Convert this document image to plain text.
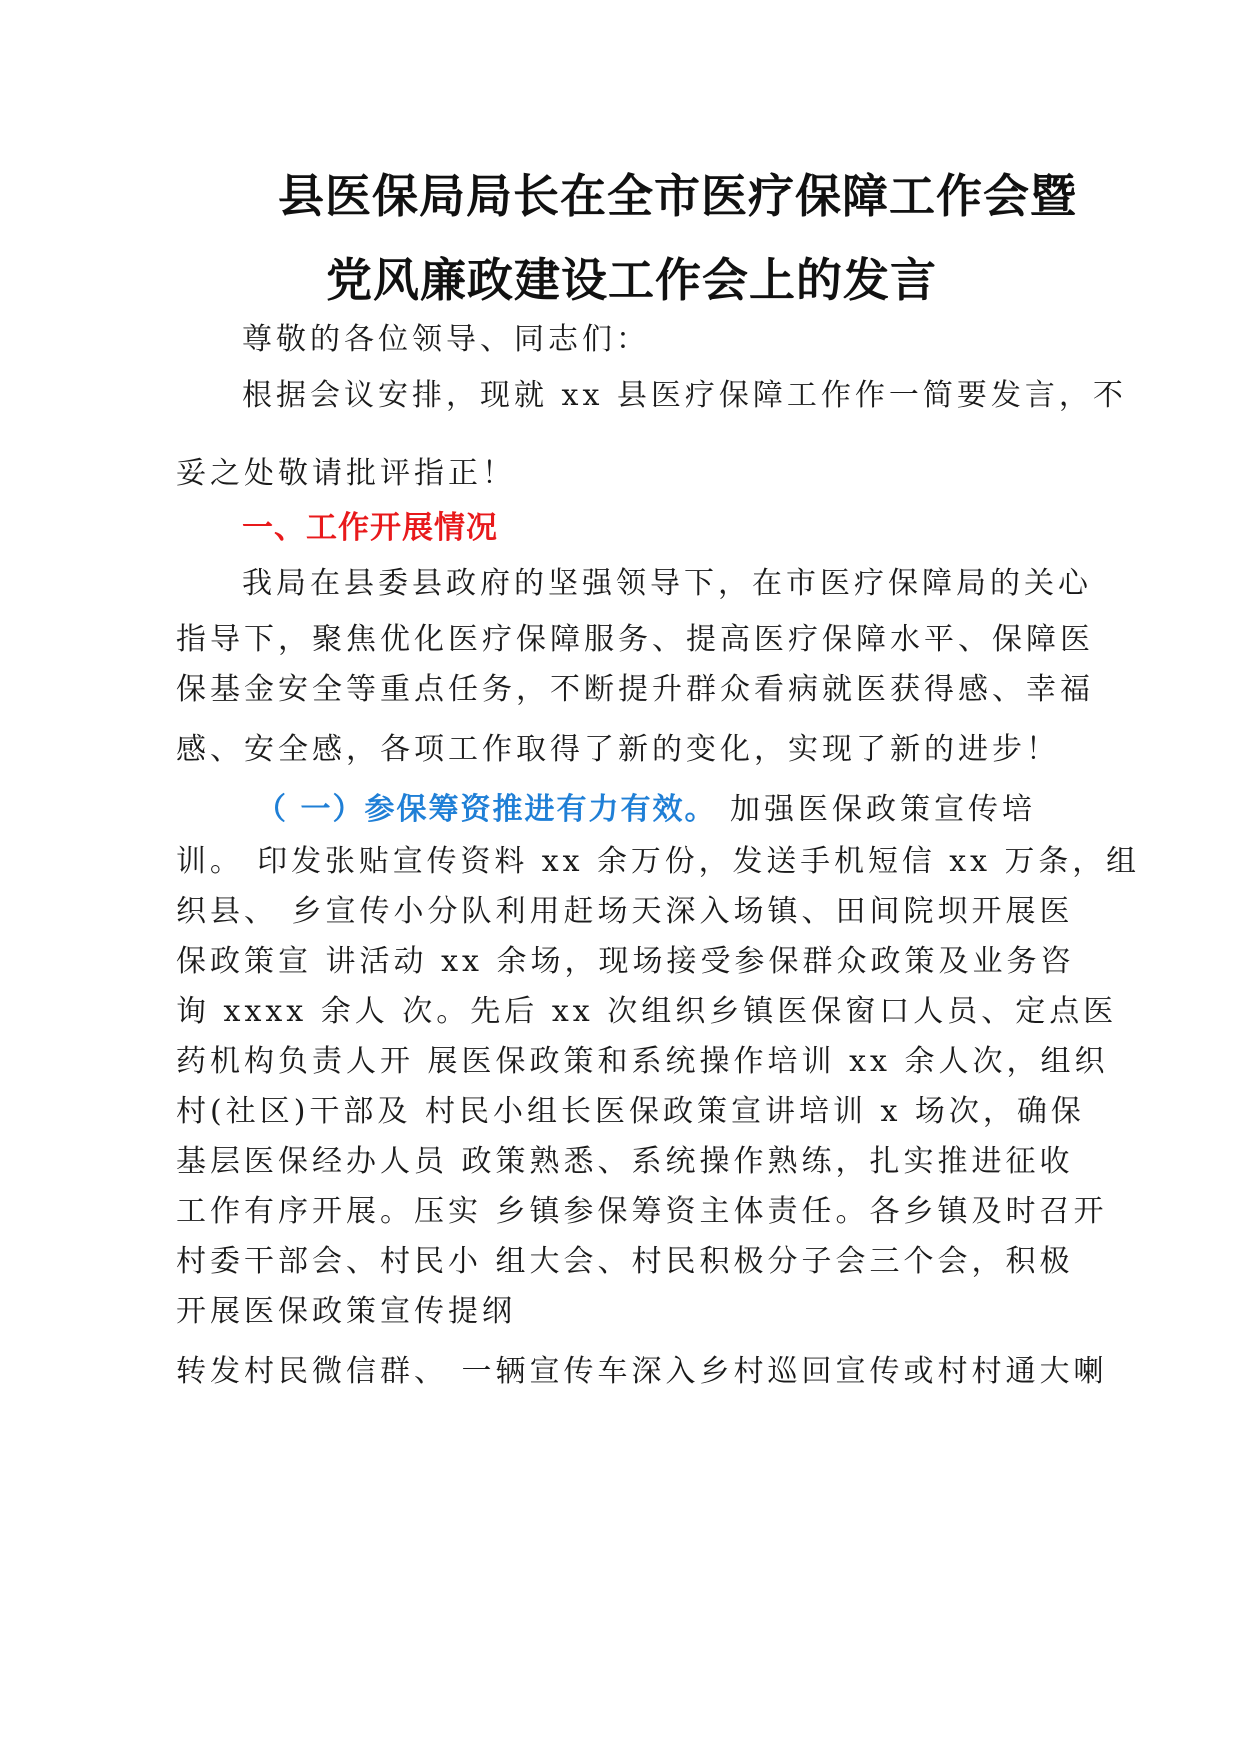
县医保局局长在全市医疗保障工作会暨
党风廉政建设工作会上的发言
尊敬的各位领导、同志们：
根据会议安排，现就 xx 县医疗保障工作作一简要发言，不
妥之处敬请批评指正！
一、工作开展情况
我局在县委县政府的坚强领导下，在市医疗保障局的关心
指导下，聚焦优化医疗保障服务、提高医疗保障水平、保障医
保基金安全等重点任务，不断提升群众看病就医获得感、幸福
感、安全感，各项工作取得了新的变化，实现了新的进步！
（ 一）参保筹资推进有力有效。 加强医保政策宣传培
训。 印发张贴宣传资料 xx 余万份，发送手机短信 xx 万条，组
织县、 乡宣传小分队利用赶场天深入场镇、田间院坝开展医
保政策宣 讲活动 xx 余场，现场接受参保群众政策及业务咨
询 xxxx 余人 次。先后 xx 次组织乡镇医保窗口人员、定点医
药机构负责人开 展医保政策和系统操作培训 xx 余人次，组织
村(社区)干部及 村民小组长医保政策宣讲培训 x 场次，确保
基层医保经办人员 政策熟悉、系统操作熟练，扎实推进征收
工作有序开展。压实 乡镇参保筹资主体责任。各乡镇及时召开
村委干部会、村民小 组大会、村民积极分子会三个会，积极
开展医保政策宣传提纲
转发村民微信群、 一辆宣传车深入乡村巡回宣传或村村通大喇
